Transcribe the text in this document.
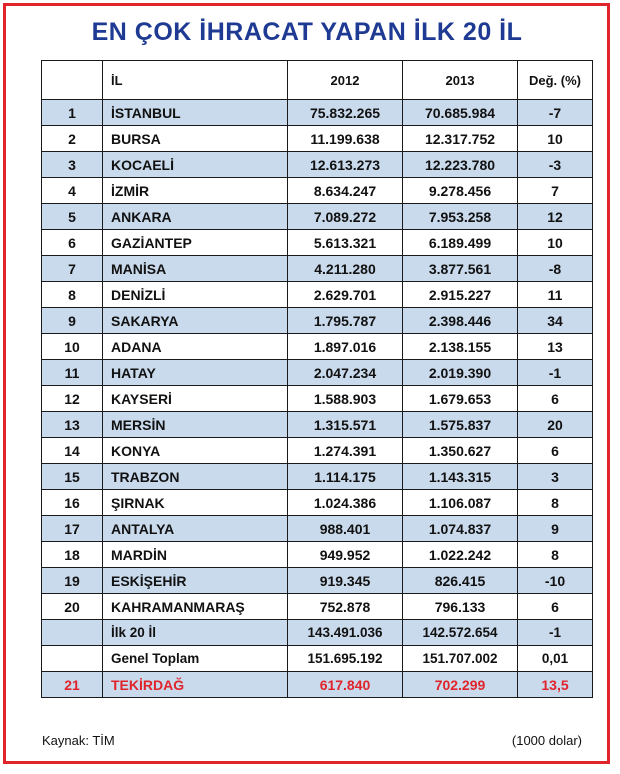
EN ÇOK İHRACAT YAPAN İLK 20 İL
	İL	2012	2013	Değ. (%)
1	İSTANBUL	75.832.265	70.685.984	-7
2	BURSA	11.199.638	12.317.752	10
3	KOCAELİ	12.613.273	12.223.780	-3
4	İZMİR	8.634.247	9.278.456	7
5	ANKARA	7.089.272	7.953.258	12
6	GAZİANTEP	5.613.321	6.189.499	10
7	MANİSA	4.211.280	3.877.561	-8
8	DENİZLİ	2.629.701	2.915.227	11
9	SAKARYA	1.795.787	2.398.446	34
10	ADANA	1.897.016	2.138.155	13
11	HATAY	2.047.234	2.019.390	-1
12	KAYSERİ	1.588.903	1.679.653	6
13	MERSİN	1.315.571	1.575.837	20
14	KONYA	1.274.391	1.350.627	6
15	TRABZON	1.114.175	1.143.315	3
16	ŞIRNAK	1.024.386	1.106.087	8
17	ANTALYA	988.401	1.074.837	9
18	MARDİN	949.952	1.022.242	8
19	ESKİŞEHİR	919.345	826.415	-10
20	KAHRAMANMARAŞ	752.878	796.133	6
	İlk 20 İl	143.491.036	142.572.654	-1
	Genel Toplam	151.695.192	151.707.002	0,01
21	TEKİRDAĞ	617.840	702.299	13,5
Kaynak: TİM	(1000 dolar)
